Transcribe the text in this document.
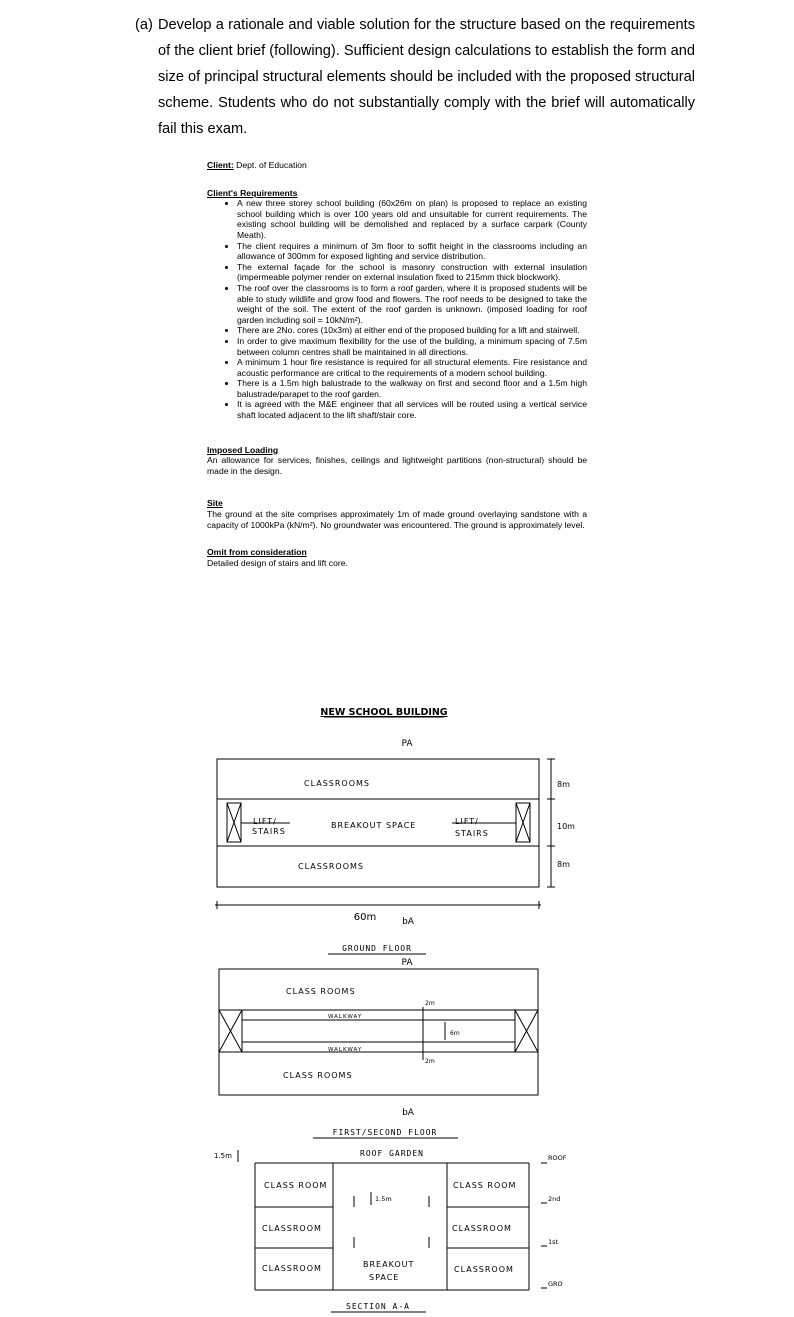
(a) Develop a rationale and viable solution for the structure based on the requirements of the client brief (following). Sufficient design calculations to establish the form and size of principal structural elements should be included with the proposed structural scheme. Students who do not substantially comply with the brief will automatically fail this exam.
Client: Dept. of Education
Client's Requirements
• A new three storey school building (60x26m on plan) is proposed to replace an existing school building which is over 100 years old and unsuitable for current requirements. The existing school building will be demolished and replaced by a surface carpark (County Meath).
• The client requires a minimum of 3m floor to soffit height in the classrooms including an allowance of 300mm for exposed lighting and service distribution.
• The external façade for the school is masonry construction with external insulation (impermeable polymer render on external insulation fixed to 215mm thick blockwork).
• The roof over the classrooms is to form a roof garden, where it is proposed students will be able to study wildlife and grow food and flowers. The roof needs to be designed to take the weight of the soil. The extent of the roof garden is unknown. (imposed loading for roof garden including soil = 10kN/m²).
• There are 2No. cores (10x3m) at either end of the proposed building for a lift and stairwell.
• In order to give maximum flexibility for the use of the building, a minimum spacing of 7.5m between column centres shall be maintained in all directions.
• A minimum 1 hour fire resistance is required for all structural elements. Fire resistance and acoustic performance are critical to the requirements of a modern school building.
• There is a 1.5m high balustrade to the walkway on first and second floor and a 1.5m high balustrade/parapet to the roof garden.
• It is agreed with the M&E engineer that all services will be routed using a vertical service shaft located adjacent to the lift shaft/stair core.
Imposed Loading

An allowance for services, finishes, ceilings and lightweight partitions (non-structural) should be made in the design.

Site

The ground at the site comprises approximately 1m of made ground overlaying sandstone with a capacity of 1000kPa (kN/m²). No groundwater was encountered. The ground is approximately level.

Omit from consideration

Detailed design of stairs and lift core.

NEW SCHOOL BUILDING
PA
CLASSROOMS
LIFT/
STAIRS
BREAKOUT SPACE	LIFT/
STAIRS
CLASSROOMS
8m
10m
8m
60m	bA
GROUND FLOOR
PA
CLASS ROOMS
WALKWAY
WALKWAY
CLASS ROOMS
2m
6m
2m
bA
FIRST/SECOND FLOOR
1.5m	ROOF GARDEN
CLASS ROOM
CLASSROOM
CLASSROOM
CLASS ROOM
CLASSROOM
CLASSROOM
BREAKOUT
SPACE
1.5m
ROOF
2nd
1st
GRO
SECTION A-A
